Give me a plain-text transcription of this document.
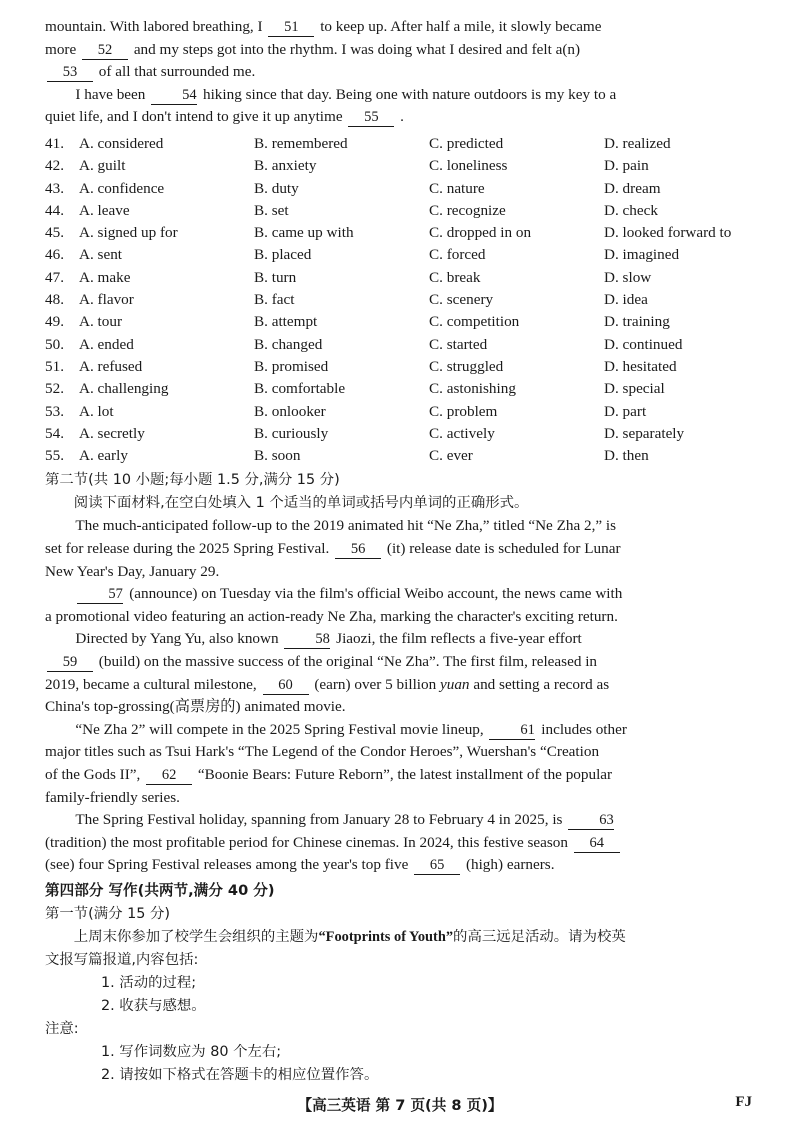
mountain. With labored breathing, I 51 to keep up. After half a mile, it slowly became

more 52 and my steps got into the rhythm. I was doing what I desired and felt a(n)

53 of all that surrounded me.

I have been	54 hiking since that day. Being one with nature outdoors is my key to a

quiet life, and I don't intend to give it up anytime 55 .

41. A. considered	B. remembered	C. predicted	D. realized
42. A. guilt	B. anxiety	C. loneliness	D. pain
43. A. confidence	B. duty	C. nature	D. dream
44. A. leave	B. set	C. recognize	D. check
45. A. signed up for	B. came up with	C. dropped in on	D. looked forward to
46. A. sent	B. placed	C. forced	D. imagined
47. A. make	B. turn	C. break	D. slow
48. A. flavor	B. fact	C. scenery	D. idea
49. A. tour	B. attempt	C. competition	D. training
50. A. ended	B. changed	C. started	D. continued
51. A. refused	B. promised	C. struggled	D. hesitated
52. A. challenging	B. comfortable	C. astonishing	D. special
53. A. lot	B. onlooker	C. problem	D. part
54. A. secretly	B. curiously	C. actively	D. separately
55. A. early	B. soon	C. ever	D. then

第二节(共 10 小题;每小题 1.5 分,满分 15 分)

阅读下面材料,在空白处填入 1 个适当的单词或括号内单词的正确形式。

The much-anticipated follow-up to the 2019 animated hit “Ne Zha,” titled “Ne Zha 2,” is

set for release during the 2025 Spring Festival. 56 (it) release date is scheduled for Lunar

New Year's Day, January 29.

57 (announce) on Tuesday via the film's official Weibo account, the news came with

a promotional video featuring an action-ready Ne Zha, marking the character's exciting return.

Directed by Yang Yu, also known	58 Jiaozi, the film reflects a five-year effort

59 (build) on the massive success of the original “Ne Zha”. The first film, released in

2019, became a cultural milestone, 60 (earn) over 5 billion yuan and setting a record as

China's top-grossing(高票房的) animated movie.

“Ne Zha 2” will compete in the 2025 Spring Festival movie lineup,	61 includes other

major titles such as Tsui Hark's “The Legend of the Condor Heroes”, Wuershan's “Creation

of the Gods II”, 62 “Boonie Bears: Future Reborn”, the latest installment of the popular

family-friendly series.

The Spring Festival holiday, spanning from January 28 to February 4 in 2025, is	63

(tradition) the most profitable period for Chinese cinemas. In 2024, this festive season 64

(see) four Spring Festival releases among the year's top five 65 (high) earners.

第四部分 写作(共两节,满分 40 分)

第一节(满分 15 分)

上周末你参加了校学生会组织的主题为“Footprints of Youth”的高三远足活动。请为校英

文报写篇报道,内容包括:

1. 活动的过程;

2. 收获与感想。

注意:

1. 写作词数应为 80 个左右;

2. 请按如下格式在答题卡的相应位置作答。

【高三英语 第 7 页(共 8 页)】	FJ
